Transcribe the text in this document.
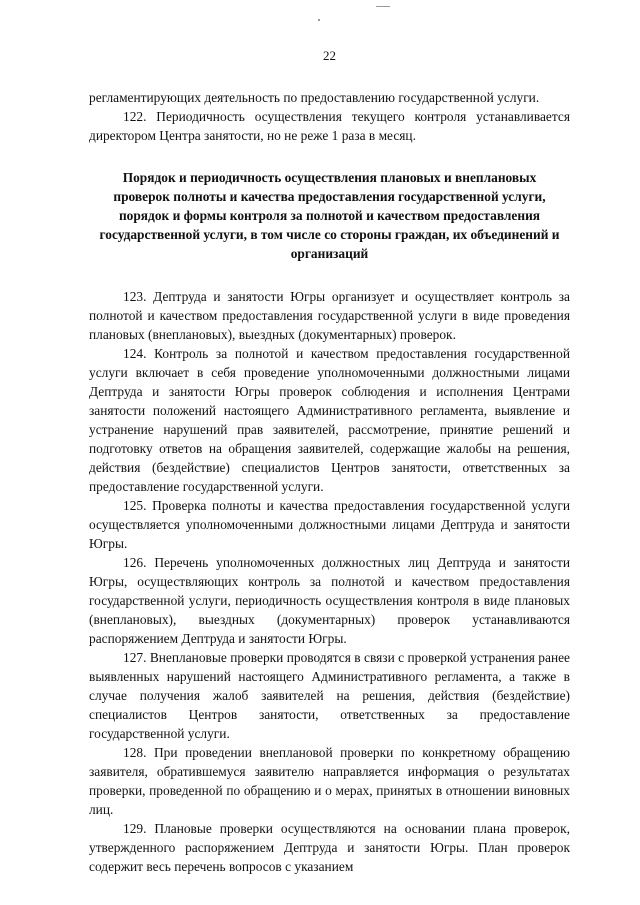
22

регламентирующих деятельность по предоставлению государственной услуги.

122. Периодичность осуществления текущего контроля устанавливается директором Центра занятости, но не реже 1 раза в месяц.

Порядок и периодичность осуществления плановых и внеплановых проверок полноты и качества предоставления государственной услуги, порядок и формы контроля за полнотой и качеством предоставления государственной услуги, в том числе со стороны граждан, их объединений и организаций

123. Дептруда и занятости Югры организует и осуществляет контроль за полнотой и качеством предоставления государственной услуги в виде проведения плановых (внеплановых), выездных (документарных) проверок.

124. Контроль за полнотой и качеством предоставления государственной услуги включает в себя проведение уполномоченными должностными лицами Дептруда и занятости Югры проверок соблюдения и исполнения Центрами занятости положений настоящего Административного регламента, выявление и устранение нарушений прав заявителей, рассмотрение, принятие решений и подготовку ответов на обращения заявителей, содержащие жалобы на решения, действия (бездействие) специалистов Центров занятости, ответственных за предоставление государственной услуги.

125. Проверка полноты и качества предоставления государственной услуги осуществляется уполномоченными должностными лицами Дептруда и занятости Югры.

126. Перечень уполномоченных должностных лиц Дептруда и занятости Югры, осуществляющих контроль за полнотой и качеством предоставления государственной услуги, периодичность осуществления контроля в виде плановых (внеплановых), выездных (документарных) проверок устанавливаются распоряжением Дептруда и занятости Югры.

127. Внеплановые проверки проводятся в связи с проверкой устранения ранее выявленных нарушений настоящего Административного регламента, а также в случае получения жалоб заявителей на решения, действия (бездействие) специалистов Центров занятости, ответственных за предоставление государственной услуги.

128. При проведении внеплановой проверки по конкретному обращению заявителя, обратившемуся заявителю направляется информация о результатах проверки, проведенной по обращению и о мерах, принятых в отношении виновных лиц.

129. Плановые проверки осуществляются на основании плана проверок, утвержденного распоряжением Дептруда и занятости Югры. План проверок содержит весь перечень вопросов с указанием
